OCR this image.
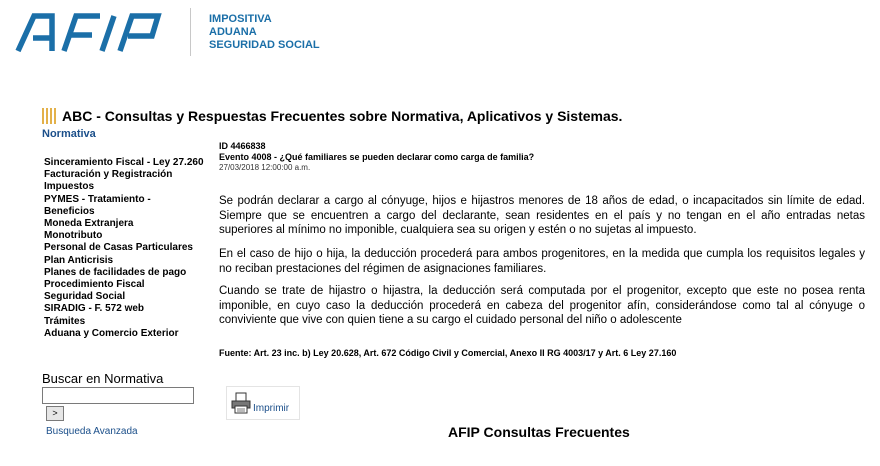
IMPOSITIVA
ADUANA
SEGURIDAD SOCIAL
ABC - Consultas y Respuestas Frecuentes sobre Normativa, Aplicativos y Sistemas.
Normativa
Sinceramiento Fiscal - Ley 27.260
Facturación y Registración
Impuestos
PYMES - Tratamiento - Beneficios
Moneda Extranjera
Monotributo
Personal de Casas Particulares
Plan Anticrisis
Planes de facilidades de pago
Procedimiento Fiscal
Seguridad Social
SIRADIG - F. 572 web
Trámites
Aduana y Comercio Exterior
Buscar en Normativa
>
Busqueda Avanzada
ID 4466838
Evento 4008 - ¿Qué familiares se pueden declarar como carga de familia?
27/03/2018 12:00:00 a.m.

Se podrán declarar a cargo al cónyuge, hijos e hijastros menores de 18 años de edad, o incapacitados sin límite de edad. Siempre que se encuentren a cargo del declarante, sean residentes en el país y no tengan en el año entradas netas superiores al mínimo no imponible, cualquiera sea su origen y estén o no sujetas al impuesto.

En el caso de hijo o hija, la deducción procederá para ambos progenitores, en la medida que cumpla los requisitos legales y no reciban prestaciones del régimen de asignaciones familiares.

Cuando se trate de hijastro o hijastra, la deducción será computada por el progenitor, excepto que este no posea renta imponible, en cuyo caso la deducción procederá en cabeza del progenitor afín, considerándose como tal al cónyuge o conviviente que vive con quien tiene a su cargo el cuidado personal del niño o adolescente

Fuente: Art. 23 inc. b) Ley 20.628, Art. 672 Código Civil y Comercial, Anexo II RG 4003/17 y Art. 6 Ley 27.160
Imprimir
AFIP Consultas Frecuentes
